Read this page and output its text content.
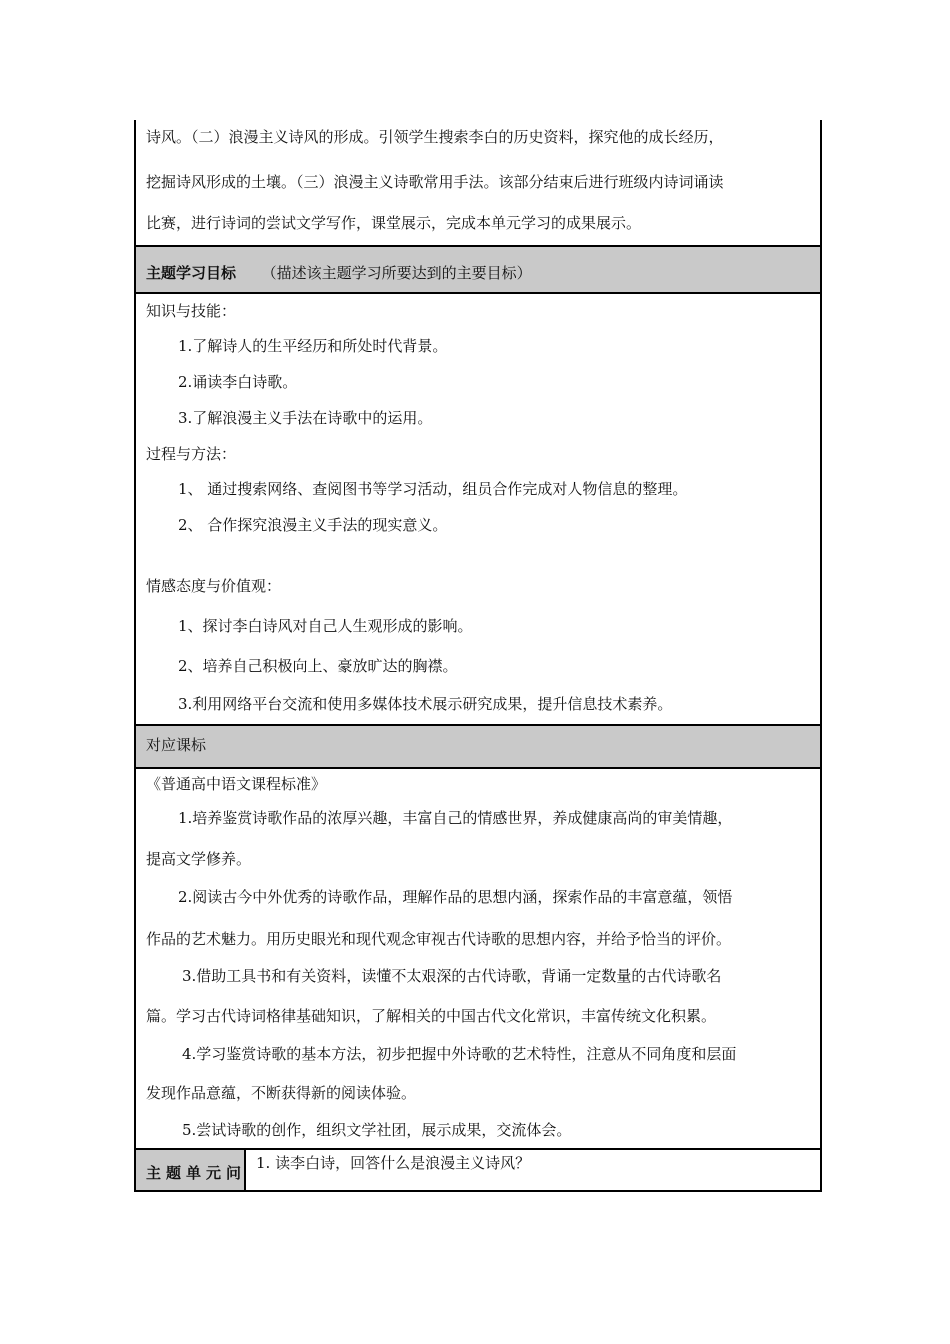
诗风。（二）浪漫主义诗风的形成。引领学生搜索李白的历史资料，探究他的成长经历，
挖掘诗风形成的土壤。（三）浪漫主义诗歌常用手法。该部分结束后进行班级内诗词诵读
比赛，进行诗词的尝试文学写作，课堂展示，完成本单元学习的成果展示。
主题学习目标 （描述该主题学习所要达到的主要目标）
知识与技能：
1.了解诗人的生平经历和所处时代背景。
2.诵读李白诗歌。
3.了解浪漫主义手法在诗歌中的运用。
过程与方法：
1、 通过搜索网络、查阅图书等学习活动，组员合作完成对人物信息的整理。
2、 合作探究浪漫主义手法的现实意义。
情感态度与价值观：
1、探讨李白诗风对自己人生观形成的影响。
2、培养自己积极向上、豪放旷达的胸襟。
3.利用网络平台交流和使用多媒体技术展示研究成果，提升信息技术素养。
对应课标
《普通高中语文课程标准》
1.培养鉴赏诗歌作品的浓厚兴趣，丰富自己的情感世界，养成健康高尚的审美情趣，
提高文学修养。
2.阅读古今中外优秀的诗歌作品，理解作品的思想内涵，探索作品的丰富意蕴，领悟
作品的艺术魅力。用历史眼光和现代观念审视古代诗歌的思想内容，并给予恰当的评价。
3.借助工具书和有关资料，读懂不太艰深的古代诗歌，背诵一定数量的古代诗歌名
篇。学习古代诗词格律基础知识，了解相关的中国古代文化常识，丰富传统文化积累。
4.学习鉴赏诗歌的基本方法，初步把握中外诗歌的艺术特性，注意从不同角度和层面
发现作品意蕴，不断获得新的阅读体验。
5.尝试诗歌的创作，组织文学社团，展示成果，交流体会。
主题单元问
1. 读李白诗，回答什么是浪漫主义诗风？
